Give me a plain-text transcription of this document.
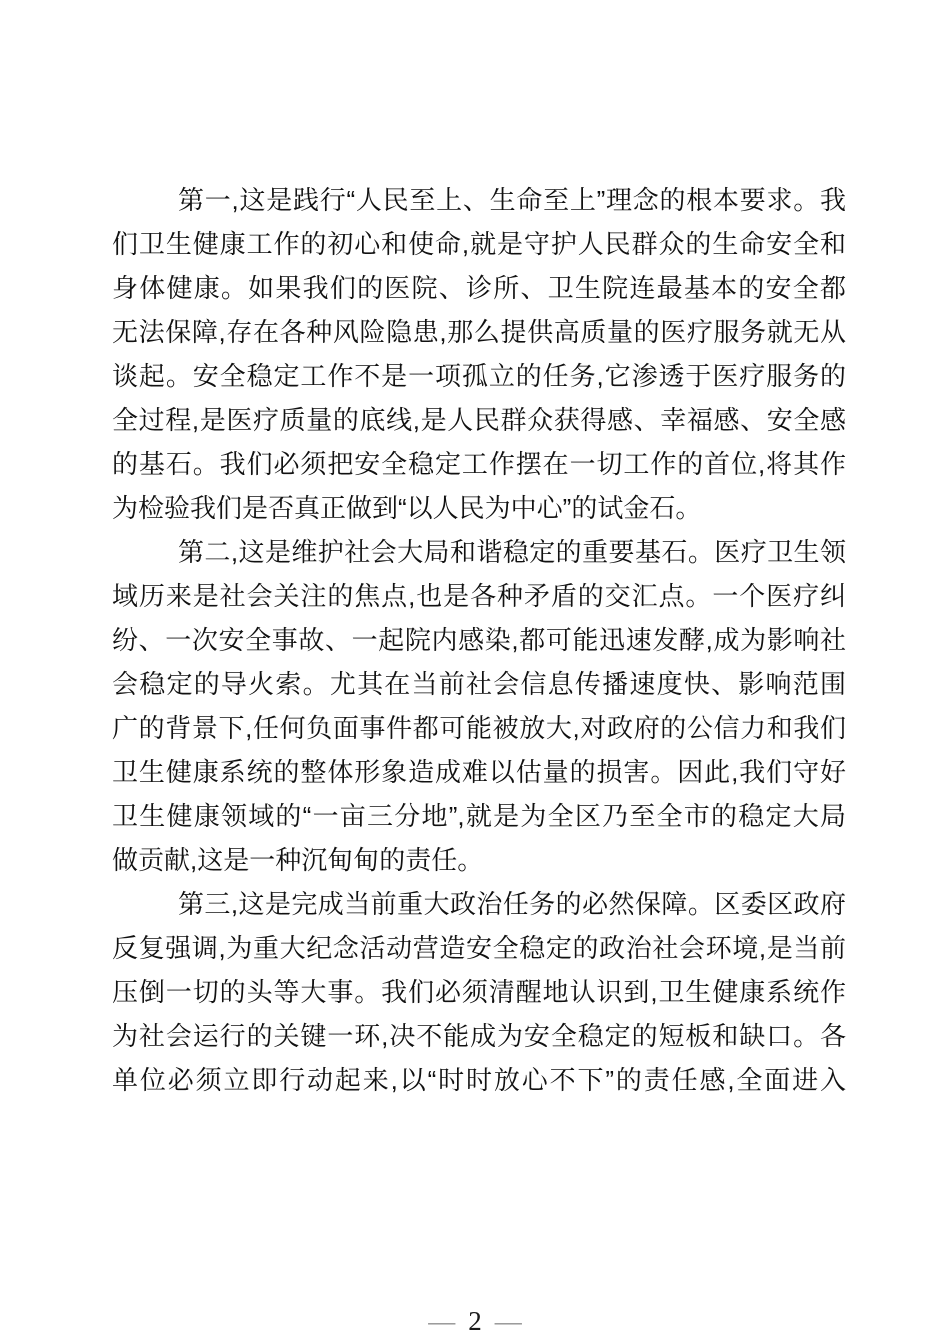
第一,这是践行“人民至上、生命至上”理念的根本要求。我
们卫生健康工作的初心和使命,就是守护人民群众的生命安全和
身体健康。如果我们的医院、诊所、卫生院连最基本的安全都
无法保障,存在各种风险隐患,那么提供高质量的医疗服务就无从
谈起。安全稳定工作不是一项孤立的任务,它渗透于医疗服务的
全过程,是医疗质量的底线,是人民群众获得感、幸福感、安全感
的基石。我们必须把安全稳定工作摆在一切工作的首位,将其作
为检验我们是否真正做到“以人民为中心”的试金石。
第二,这是维护社会大局和谐稳定的重要基石。医疗卫生领
域历来是社会关注的焦点,也是各种矛盾的交汇点。一个医疗纠
纷、一次安全事故、一起院内感染,都可能迅速发酵,成为影响社
会稳定的导火索。尤其在当前社会信息传播速度快、影响范围
广的背景下,任何负面事件都可能被放大,对政府的公信力和我们
卫生健康系统的整体形象造成难以估量的损害。因此,我们守好
卫生健康领域的“一亩三分地”,就是为全区乃至全市的稳定大局
做贡献,这是一种沉甸甸的责任。
第三,这是完成当前重大政治任务的必然保障。区委区政府
反复强调,为重大纪念活动营造安全稳定的政治社会环境,是当前
压倒一切的头等大事。我们必须清醒地认识到,卫生健康系统作
为社会运行的关键一环,决不能成为安全稳定的短板和缺口。各
单位必须立即行动起来,以“时时放心不下”的责任感,全面进入
— 2 —
